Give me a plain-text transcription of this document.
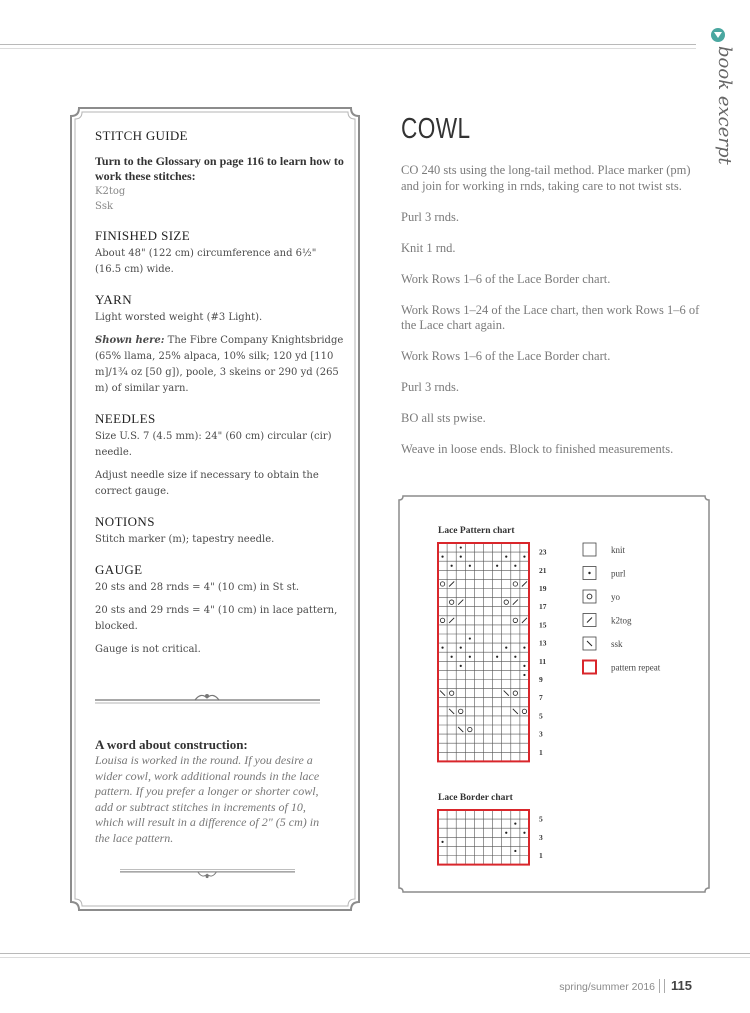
book excerpt
STITCH GUIDE
Turn to the Glossary on page 116 to learn how to work these stitches:
K2tog
Ssk
FINISHED SIZE

About 48" (122 cm) circumference and 6½" (16.5 cm) wide.

YARN

Light worsted weight (#3 Light).

Shown here: The Fibre Company Knightsbridge (65% llama, 25% alpaca, 10% silk; 120 yd [110 m]/1¾ oz [50 g]), poole, 3 skeins or 290 yd (265 m) of similar yarn.

NEEDLES

Size U.S. 7 (4.5 mm): 24" (60 cm) circular (cir) needle.

Adjust needle size if necessary to obtain the correct gauge.

NOTIONS

Stitch marker (m); tapestry needle.

GAUGE

20 sts and 28 rnds = 4" (10 cm) in St st.

20 sts and 29 rnds = 4" (10 cm) in lace pattern, blocked.

Gauge is not critical.

A word about construction:
Louisa is worked in the round. If you desire a wider cowl, work additional rounds in the lace pattern. If you prefer a longer or shorter cowl, add or subtract stitches in increments of 10, which will result in a difference of 2" (5 cm) in the lace pattern.
COWL

CO 240 sts using the long-tail method. Place marker (pm) and join for working in rnds, taking care to not twist sts.

Purl 3 rnds.

Knit 1 rnd.

Work Rows 1–6 of the Lace Border chart.

Work Rows 1–24 of the Lace chart, then work Rows 1–6 of the Lace chart again.

Work Rows 1–6 of the Lace Border chart.

Purl 3 rnds.

BO all sts pwise.

Weave in loose ends. Block to finished measurements.

Lace Pattern chart
Lace Border chart
23
21
19
17
15
13
11
9
7
5
3
1
5
3
1
knit
purl
yo
k2tog
ssk
pattern repeat
spring/summer 2016 115
